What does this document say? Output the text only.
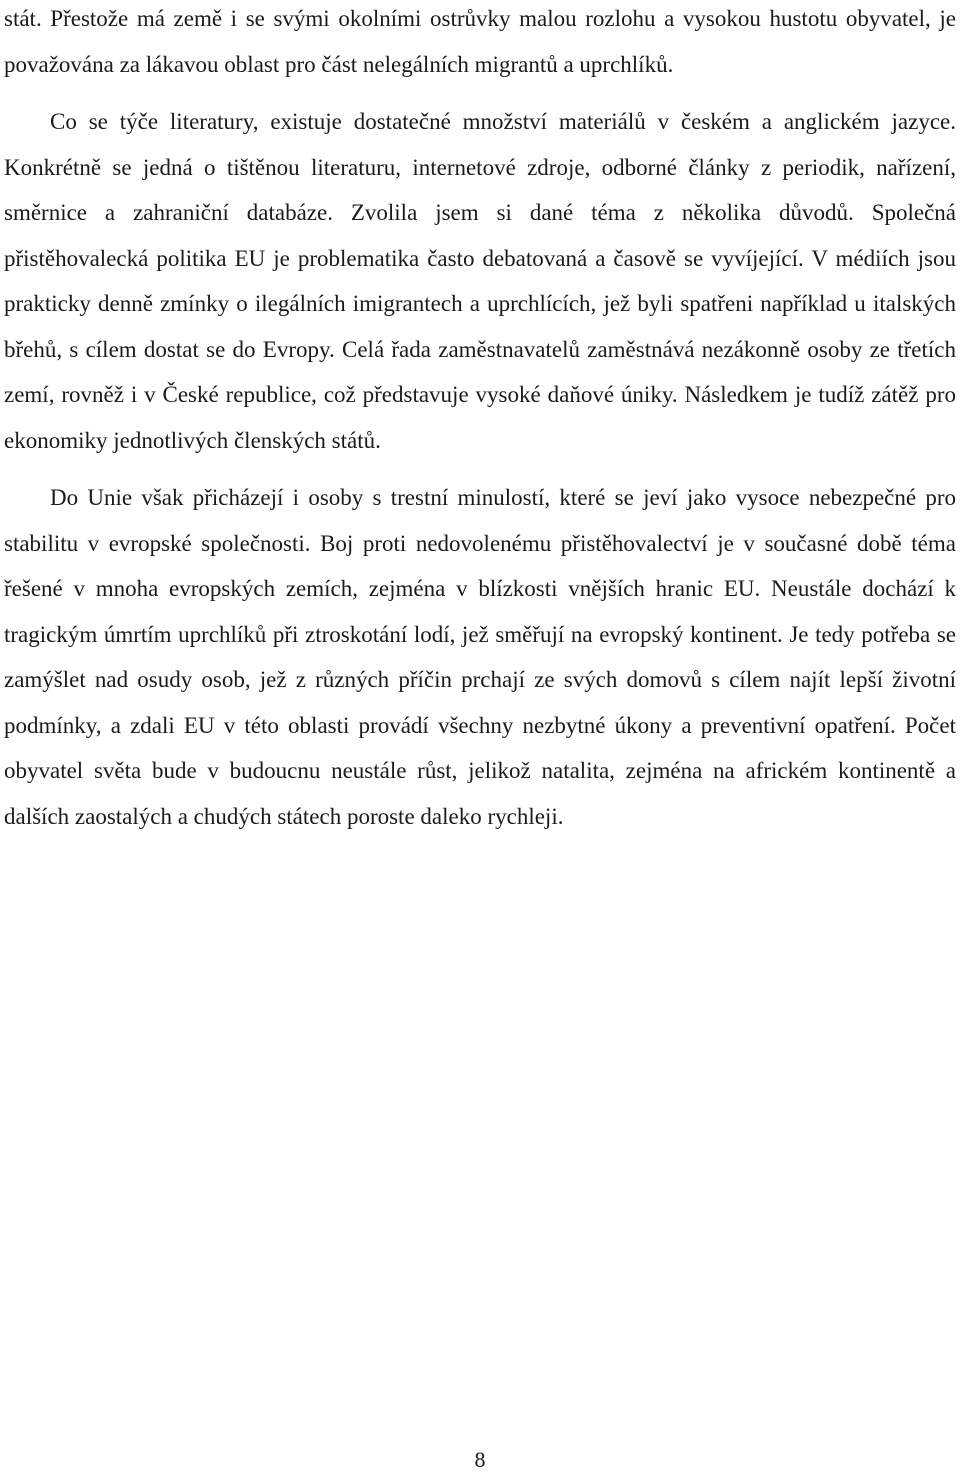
stát. Přestože má země i se svými okolními ostrůvky malou rozlohu a vysokou hustotu obyvatel, je považována za lákavou oblast pro část nelegálních migrantů a uprchlíků.

Co se týče literatury, existuje dostatečné množství materiálů v českém a anglickém jazyce. Konkrétně se jedná o tištěnou literaturu, internetové zdroje, odborné články z periodik, nařízení, směrnice a zahraniční databáze. Zvolila jsem si dané téma z několika důvodů. Společná přistěhovalecká politika EU je problematika často debatovaná a časově se vyvíjející. V médiích jsou prakticky denně zmínky o ilegálních imigrantech a uprchlících, jež byli spatřeni například u italských břehů, s cílem dostat se do Evropy. Celá řada zaměstnavatelů zaměstnává nezákonně osoby ze třetích zemí, rovněž i v České republice, což představuje vysoké daňové úniky. Následkem je tudíž zátěž pro ekonomiky jednotlivých členských států.

Do Unie však přicházejí i osoby s trestní minulostí, které se jeví jako vysoce nebezpečné pro stabilitu v evropské společnosti. Boj proti nedovolenému přistěhovalectví je v současné době téma řešené v mnoha evropských zemích, zejména v blízkosti vnějších hranic EU. Neustále dochází k tragickým úmrtím uprchlíků při ztroskotání lodí, jež směřují na evropský kontinent. Je tedy potřeba se zamýšlet nad osudy osob, jež z různých příčin prchají ze svých domovů s cílem najít lepší životní podmínky, a zdali EU v této oblasti provádí všechny nezbytné úkony a preventivní opatření. Počet obyvatel světa bude v budoucnu neustále růst, jelikož natalita, zejména na africkém kontinentě a dalších zaostalých a chudých státech poroste daleko rychleji.

8
